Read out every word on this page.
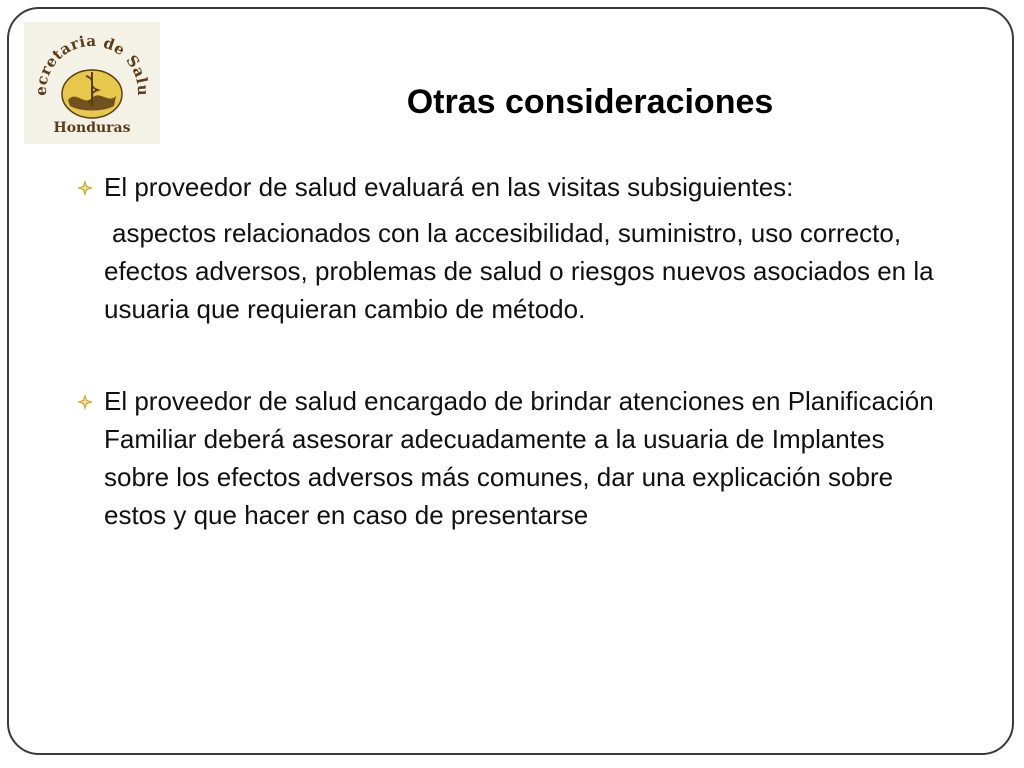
ecretaria de Salu
Honduras
Otras consideraciones
El proveedor de salud evaluará en las visitas subsiguientes:
aspectos relacionados con la accesibilidad, suministro, uso correcto, efectos adversos, problemas de salud o riesgos nuevos asociados en la usuaria que requieran cambio de método.
El proveedor de salud encargado de brindar atenciones en Planificación Familiar deberá asesorar adecuadamente a la usuaria de Implantes sobre los efectos adversos más comunes, dar una explicación sobre estos y que hacer en caso de presentarse
